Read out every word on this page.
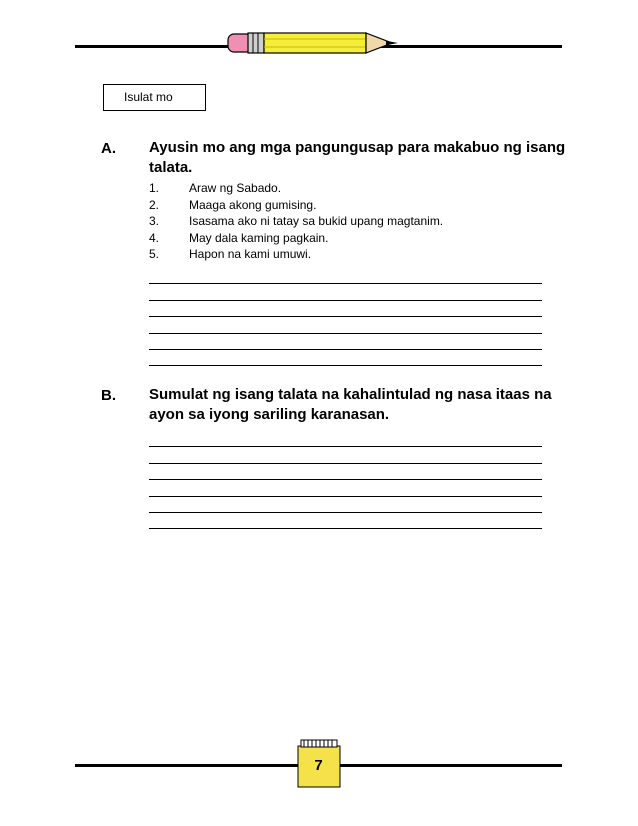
Isulat mo
A. Ayusin mo ang mga pangungusap para makabuo ng isang talata.
1. Araw ng Sabado.
2. Maaga akong gumising.
3. Isasama ako ni tatay sa bukid upang magtanim.
4. May dala kaming pagkain.
5. Hapon na kami umuwi.
B. Sumulat ng isang talata na kahalintulad ng nasa itaas na ayon sa iyong sariling karanasan.
7
